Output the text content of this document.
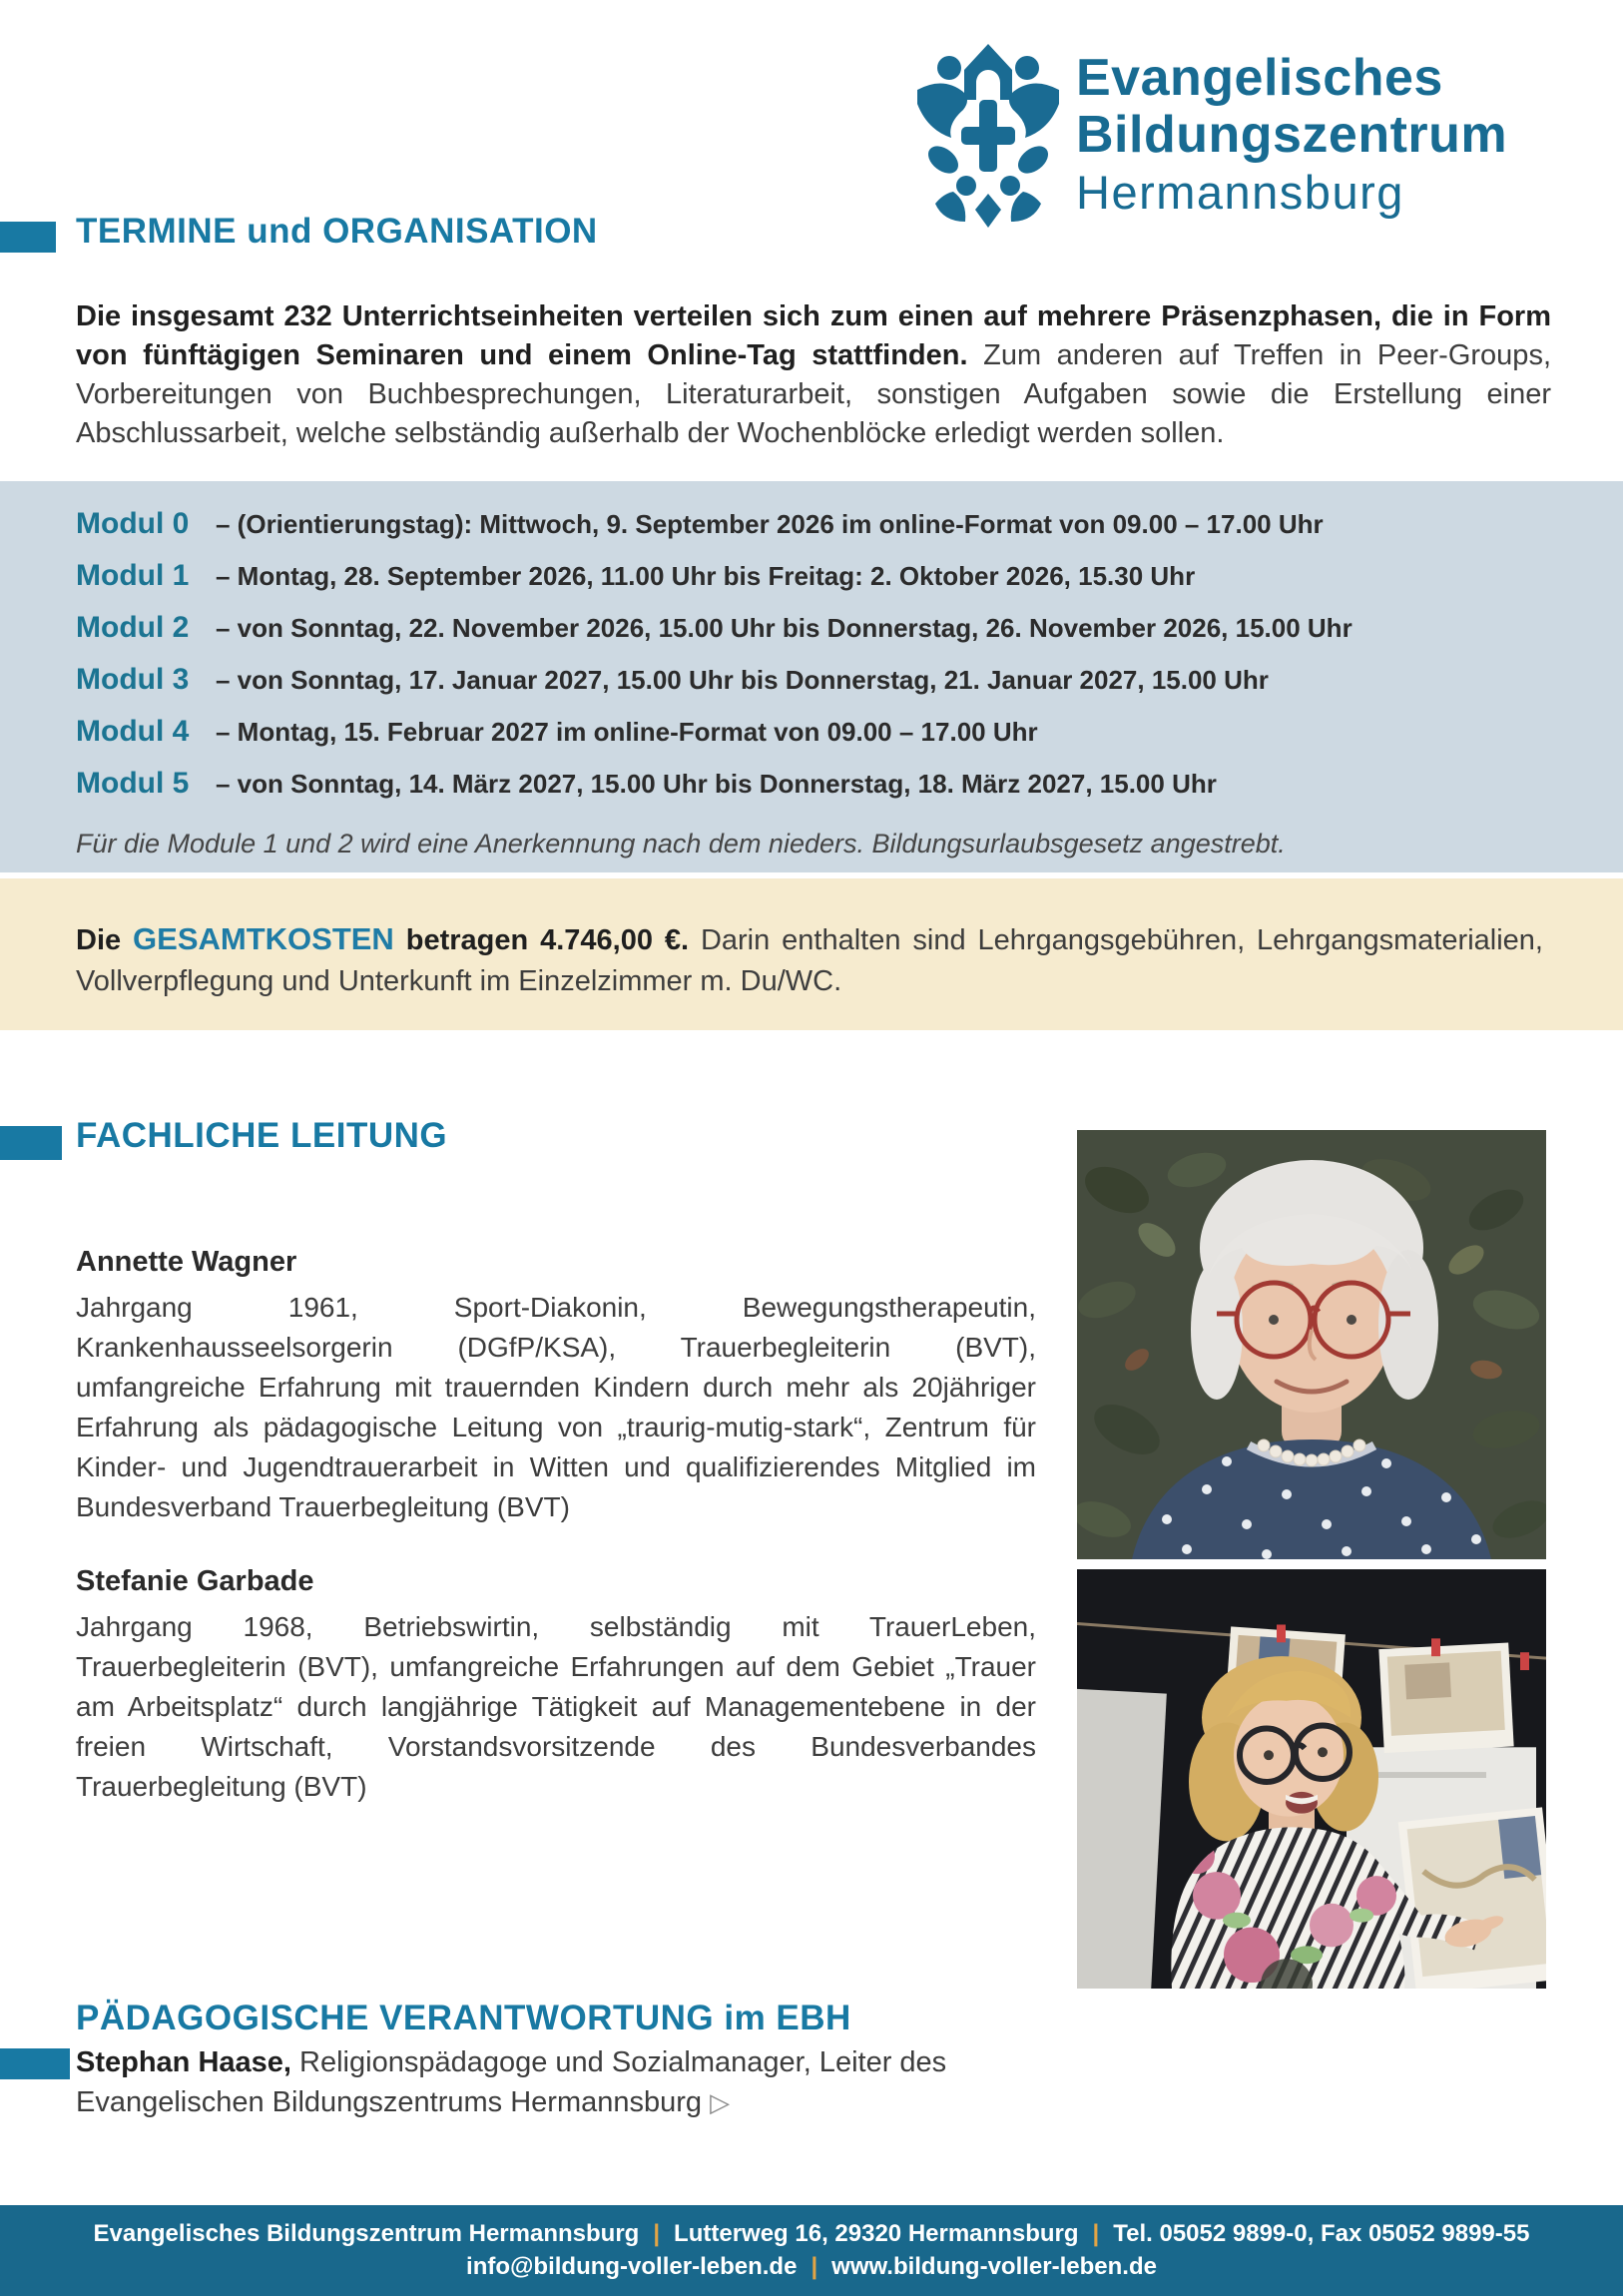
Evangelisches
Bildungszentrum
Hermannsburg
TERMINE und ORGANISATION

Die insgesamt 232 Unterrichtseinheiten verteilen sich zum einen auf mehrere Präsenzphasen, die in Form von fünftägigen Seminaren und einem Online-Tag stattfinden. Zum anderen auf Treffen in Peer-Groups, Vorbereitungen von Buchbesprechungen, Literaturarbeit, sonstigen Aufgaben sowie die Erstellung einer Abschlussarbeit, welche selbständig außerhalb der Wochenblöcke erledigt werden sollen.

Modul 0	– (Orientierungstag): Mittwoch, 9. September 2026 im online-Format von 09.00 – 17.00 Uhr
Modul 1	– Montag, 28. September 2026, 11.00 Uhr bis Freitag: 2. Oktober 2026, 15.30 Uhr
Modul 2	– von Sonntag, 22. November 2026, 15.00 Uhr bis Donnerstag, 26. November 2026, 15.00 Uhr
Modul 3	– von Sonntag, 17. Januar 2027, 15.00 Uhr bis Donnerstag, 21. Januar 2027, 15.00 Uhr
Modul 4	– Montag, 15. Februar 2027 im online-Format von 09.00 – 17.00 Uhr
Modul 5	– von Sonntag, 14. März 2027, 15.00 Uhr bis Donnerstag, 18. März 2027, 15.00 Uhr
Für die Module 1 und 2 wird eine Anerkennung nach dem nieders. Bildungsurlaubsgesetz angestrebt.

Die GESAMTKOSTEN betragen 4.746,00 €. Darin enthalten sind Lehrgangsgebühren, Lehrgangsmaterialien, Vollverpflegung und Unterkunft im Einzelzimmer m. Du/WC.

FACHLICHE LEITUNG
Annette Wagner

Jahrgang 1961, Sport-Diakonin, Bewegungstherapeutin, Krankenhausseelsorgerin (DGfP/KSA), Trauerbegleiterin (BVT), umfangreiche Erfahrung mit trauernden Kindern durch mehr als 20jähriger Erfahrung als pädagogische Leitung von „traurig-mutig-stark“, Zentrum für Kinder- und Jugendtrauerarbeit in Witten und qualifizierendes Mitglied im Bundesverband Trauerbegleitung (BVT)

Stefanie Garbade

Jahrgang 1968, Betriebswirtin, selbständig mit TrauerLeben, Trauerbegleiterin (BVT), umfangreiche Erfahrungen auf dem Gebiet „Trauer am Arbeitsplatz“ durch langjährige Tätigkeit auf Managementebene in der freien Wirtschaft, Vorstandsvorsitzende des Bundesverbandes Trauerbegleitung (BVT)

PÄDAGOGISCHE VERANTWORTUNG im EBH

Stephan Haase, Religionspädagoge und Sozialmanager, Leiter des Evangelischen Bildungszentrums Hermannsburg ▷

Evangelisches Bildungszentrum Hermannsburg | Lutterweg 16, 29320 Hermannsburg | Tel. 05052 9899-0, Fax 05052 9899-55
info@bildung-voller-leben.de | www.bildung-voller-leben.de
